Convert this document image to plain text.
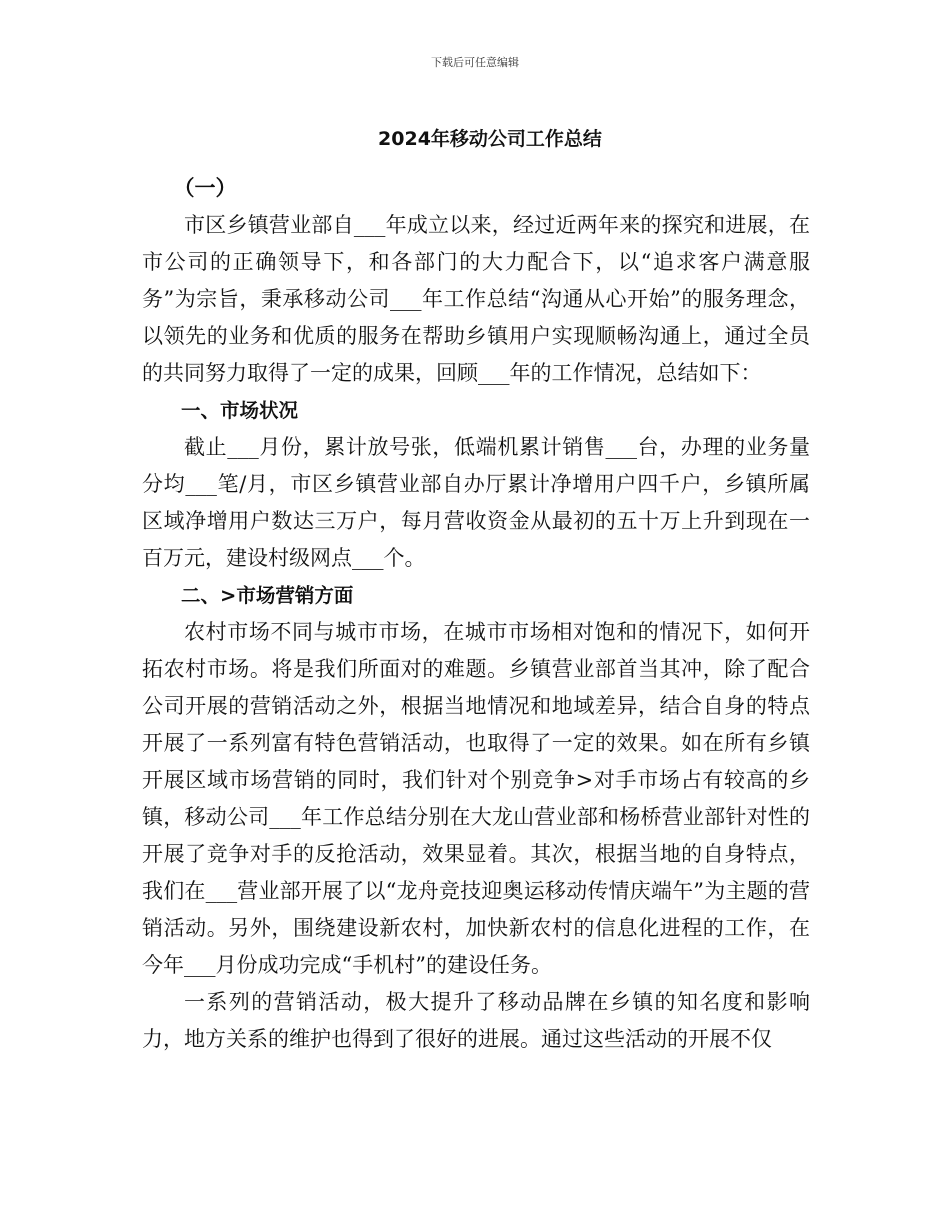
下载后可任意编辑
2024年移动公司工作总结
（一）

市区乡镇营业部自___年成立以来，经过近两年来的探究和进展，在市公司的正确领导下，和各部门的大力配合下，以“追求客户满意服务”为宗旨，秉承移动公司___年工作总结“沟通从心开始”的服务理念，以领先的业务和优质的服务在帮助乡镇用户实现顺畅沟通上，通过全员的共同努力取得了一定的成果，回顾___年的工作情况，总结如下：

一、市场状况

截止___月份，累计放号张，低端机累计销售___台，办理的业务量分均___笔/月，市区乡镇营业部自办厅累计净增用户四千户，乡镇所属区域净增用户数达三万户，每月营收资金从最初的五十万上升到现在一百万元，建设村级网点___个。

二、>市场营销方面

农村市场不同与城市市场，在城市市场相对饱和的情况下，如何开拓农村市场。将是我们所面对的难题。乡镇营业部首当其冲，除了配合公司开展的营销活动之外，根据当地情况和地域差异，结合自身的特点开展了一系列富有特色营销活动，也取得了一定的效果。如在所有乡镇开展区域市场营销的同时，我们针对个别竞争>对手市场占有较高的乡镇，移动公司___年工作总结分别在大龙山营业部和杨桥营业部针对性的开展了竞争对手的反抢活动，效果显着。其次，根据当地的自身特点，我们在___营业部开展了以“龙舟竞技迎奥运移动传情庆端午”为主题的营销活动。另外，围绕建设新农村，加快新农村的信息化进程的工作，在今年___月份成功完成“手机村”的建设任务。

一系列的营销活动，极大提升了移动品牌在乡镇的知名度和影响力，地方关系的维护也得到了很好的进展。通过这些活动的开展不仅
